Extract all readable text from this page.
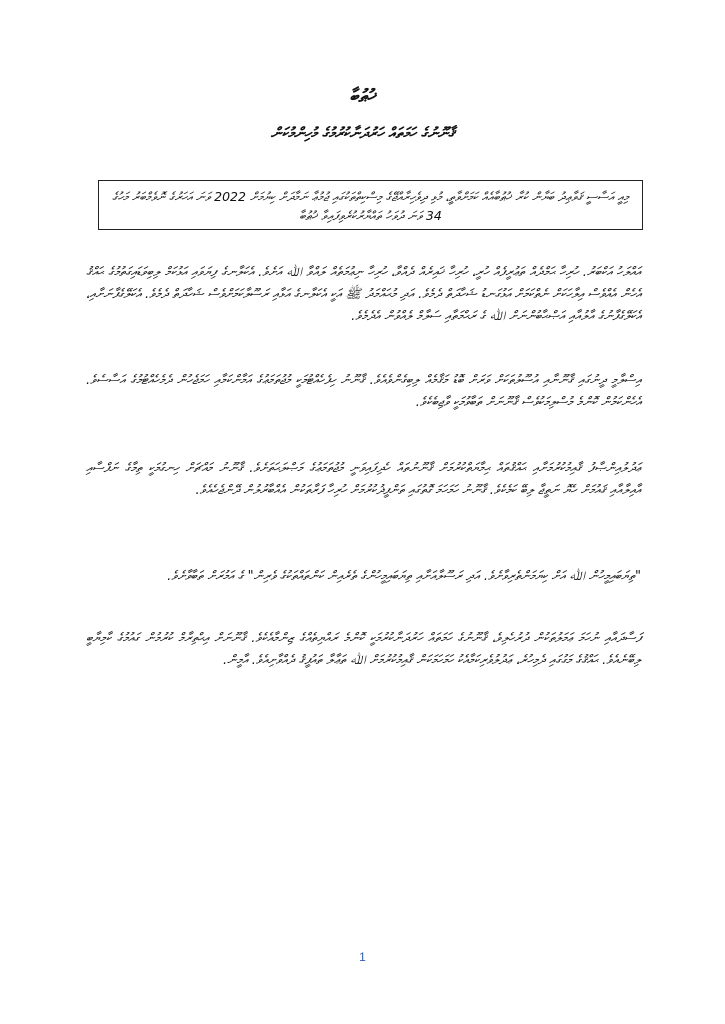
ޚުޠުބާ
ޤާނޫނުގެ ހަމަތައް ހަރުދަނާކުރުމުގެ މުހިންމުކަން
މިއީ އަސާސީ ޤަވާޢިދު ބަޔާން ކުރާ ޚުޠުބާއެއް ކަމަށްވާތީ، މުޅި ދިވެހިރާއްޖޭގެ މިސްކިތްތަކުގައި ޖުމުޢާ ނަމާދަށް ކިޔުމަށް 2022 ވަނަ އަހަރުގެ ނޮވެމްބަރު މަހުގެ 34 ވަނަ ދުވަހު ތައްޔާރުކުރެވިފައިވާ ޚުޠުބާ
އައްލަހު އަކްބަރު. ހުރިހާ ޙަމްދެއް ތަޢުރީފެއް ހުރީ، ހުރިހާ ޚައިރެއް ދެއްވާ، ހުރިހާ ނިޢުމަތެއް ލައްވާ ﷲ އަށެވެ. އެކަލާނގެ ފިޔަވައި އަޅުކަމް ލިބިވަޑައިގަތުމުގެ ޙައްޤު އެހެން އެއްވެސް އިލާހަކަށް ނެތްކަމަށް އަޅުގަނޑު ޝަހާދަތް ދެމެވެ. އަދި މުޙައްމަދު ﷺ އަކީ އެކަލާނގެ އަޅާއި ރަސޫލާކަމަށްވެސް ޝަހާދަތް ދެމެވެ. އެކަލޭގެފާނަށާއި، އެކަލޭގެފާނުގެ އާލުއާއި އަޞްޙާބުންނަށް ﷲ ގެ ރަޙްމަތާއި ސަލާމް ލެއްވުން އެދެމެވެ.
އިސްލާމީ ދީނުގައި ޤާނޫނާއި އުސޫލުތަކަށް ވަރަށް ބޮޑު މަޤާމެއް ލިބިގެންވެއެވެ. ޤާނޫނު ހިފެހެއްޓުމަކީ މުޖުތަމަޢުގެ އަމާންކަމާއި ހަމަޖެހުން ދެމެހެއްޓުމުގެ އަސާސެވެ. އެހެންކަމުން ކޮންމެ މުސްލިމަކުވެސް ޤާނޫނަށް ތަބާވުމަކީ ވާޖިބެކެވެ.
ޢަދުލުއިންޞާފު ޤާއިމުކުރުމަށާއި ޙައްޤުތައް ޙިމާޔަތްކުރުމަށް ޤާނޫނުތައް ހެދިފައިވަނީ މުޖުތަމަޢުގެ މަޞްލަޙަތަށެވެ. ޤާނޫނު މައްޗަށް ހިނގުމަކީ ތިމާގެ ނަފްސާއި އާއިލާއާއި ޤައުމަށް ހެޔޮ ނަތީޖާ ލިބޭ ކަމެކެވެ. ޤާނޫނު ހަމަހަމަ ގޮތުގައި ތަންފީޛުކުރުމަށް ހުރިހާ ފަރާތަކުން އެއްބާރުލުން ދޭންޖެހެއެވެ.
"ތިޔަބައިމީހުން ﷲ އަށް ކިޔަމަންތެރިވާށެވެ. އަދި ރަސޫލާއަށާއި ތިޔަބައިމީހުންގެ ތެރެއިން ކަންތައްތަކުގެ ވެރިން" ގެ އަމުރަށް ތަބާވާށެވެ.
ފަސާދައާއި ނުހަމަ ޢަމަލުތަކުން ދުރުހެލިވެ، ޤާނޫނުގެ ހަމަތައް ހަރުދަނާކުރުމަކީ ކޮންމެ ރައްޔިތެއްގެ ޒިންމާއެކެވެ. ޤާނޫނަށް އިޙްތިރާމް ކުރުމުން ގައުމުގެ ކާމިޔާބީ ލިބޭނެއެވެ. ޙައްޤުގެ މަގުގައި ދެމިހުރެ، ޢަދުލުވެރިކަމާއެކު ހަމަހަމަކަން ޤާއިމުކުރުމަށް ﷲ ތަޢާލާ ތައުފީޤު ދެއްވާށިއެވެ. އާމީން.
1
